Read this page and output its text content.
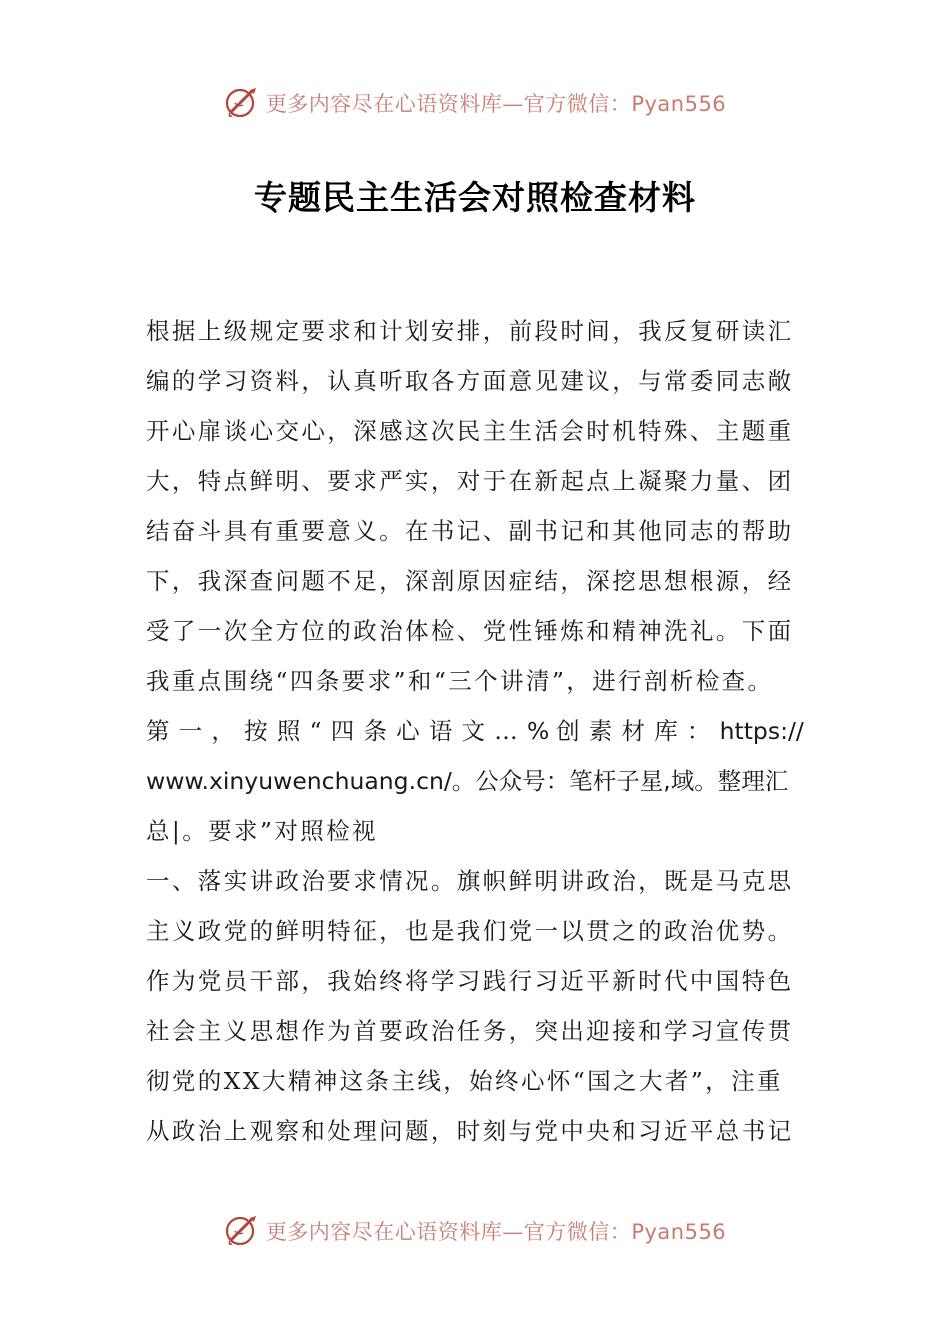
更多内容尽在心语资料库—官方微信：Pyan556
专题民主生活会对照检查材料
根据上级规定要求和计划安排，前段时间，我反复研读汇
编的学习资料，认真听取各方面意见建议，与常委同志敞
开心扉谈心交心，深感这次民主生活会时机特殊、主题重
大，特点鲜明、要求严实，对于在新起点上凝聚力量、团
结奋斗具有重要意义。在书记、副书记和其他同志的帮助
下，我深查问题不足，深剖原因症结，深挖思想根源，经
受了一次全方位的政治体检、党性锤炼和精神洗礼。下面
我重点围绕“四条要求”和“三个讲清”，进行剖析检查。
第 一 ， 按 照 “ 四 条 心 语 文 … % 创 素 材 库 ： https://
www.xinyuwenchuang.cn/。公众号：笔杆子星,域。整理汇
总|。要求”对照检视
一、落实讲政治要求情况。旗帜鲜明讲政治，既是马克思
主义政党的鲜明特征，也是我们党一以贯之的政治优势。
作为党员干部，我始终将学习践行习近平新时代中国特色
社会主义思想作为首要政治任务，突出迎接和学习宣传贯
彻党的XX大精神这条主线，始终心怀“国之大者”，注重
从政治上观察和处理问题，时刻与党中央和习近平总书记
更多内容尽在心语资料库—官方微信：Pyan556
